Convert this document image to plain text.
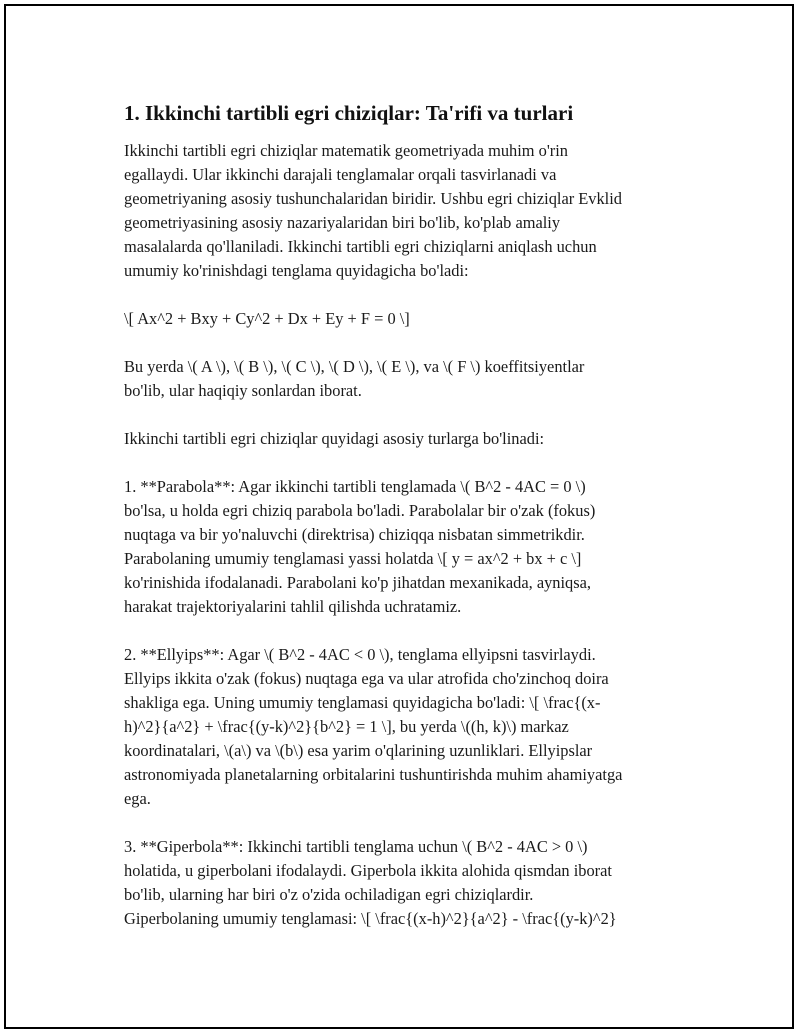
1. Ikkinchi tartibli egri chiziqlar: Ta'rifi va turlari

Ikkinchi tartibli egri chiziqlar matematik geometriyada muhim o'rin
egallaydi. Ular ikkinchi darajali tenglamalar orqali tasvirlanadi va
geometriyaning asosiy tushunchalaridan biridir. Ushbu egri chiziqlar Evklid
geometriyasining asosiy nazariyalaridan biri bo'lib, ko'plab amaliy
masalalarda qo'llaniladi. Ikkinchi tartibli egri chiziqlarni aniqlash uchun
umumiy ko'rinishdagi tenglama quyidagicha bo'ladi:

\[ Ax^2 + Bxy + Cy^2 + Dx + Ey + F = 0 \]

Bu yerda \( A \), \( B \), \( C \), \( D \), \( E \), va \( F \) koeffitsiyentlar
bo'lib, ular haqiqiy sonlardan iborat.

Ikkinchi tartibli egri chiziqlar quyidagi asosiy turlarga bo'linadi:

1. **Parabola**: Agar ikkinchi tartibli tenglamada \( B^2 - 4AC = 0 \)
bo'lsa, u holda egri chiziq parabola bo'ladi. Parabolalar bir o'zak (fokus)
nuqtaga va bir yo'naluvchi (direktrisa) chiziqqa nisbatan simmetrikdir.
Parabolaning umumiy tenglamasi yassi holatda \[ y = ax^2 + bx + c \]
ko'rinishida ifodalanadi. Parabolani ko'p jihatdan mexanikada, ayniqsa,
harakat trajektoriyalarini tahlil qilishda uchratamiz.

2. **Ellyips**: Agar \( B^2 - 4AC < 0 \), tenglama ellyipsni tasvirlaydi.
Ellyips ikkita o'zak (fokus) nuqtaga ega va ular atrofida cho'zinchoq doira
shakliga ega. Uning umumiy tenglamasi quyidagicha bo'ladi: \[ \frac{(x-
h)^2}{a^2} + \frac{(y-k)^2}{b^2} = 1 \], bu yerda \((h, k)\) markaz
koordinatalari, \(a\) va \(b\) esa yarim o'qlarining uzunliklari. Ellyipslar
astronomiyada planetalarning orbitalarini tushuntirishda muhim ahamiyatga
ega.

3. **Giperbola**: Ikkinchi tartibli tenglama uchun \( B^2 - 4AC > 0 \)
holatida, u giperbolani ifodalaydi. Giperbola ikkita alohida qismdan iborat
bo'lib, ularning har biri o'z o'zida ochiladigan egri chiziqlardir.
Giperbolaning umumiy tenglamasi: \[ \frac{(x-h)^2}{a^2} - \frac{(y-k)^2}
